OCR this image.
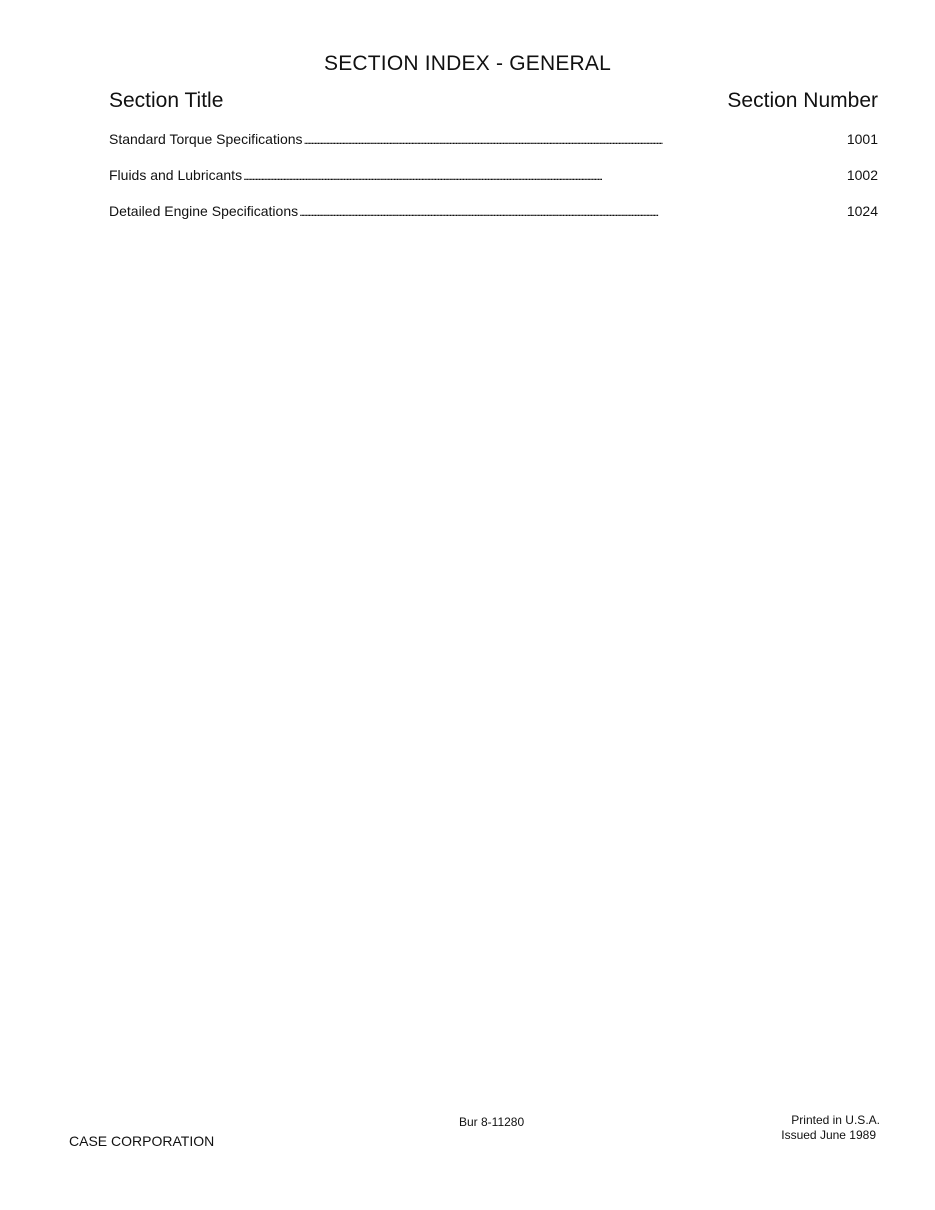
SECTION INDEX - GENERAL
Section Title	Section Number
Standard Torque Specifications . . .	1001
Fluids and Lubricants . . .	1002
Detailed Engine Specifications . . .	1024
CASE CORPORATION
Bur 8-11280	Printed in U.S.A.
Issued June 1989
